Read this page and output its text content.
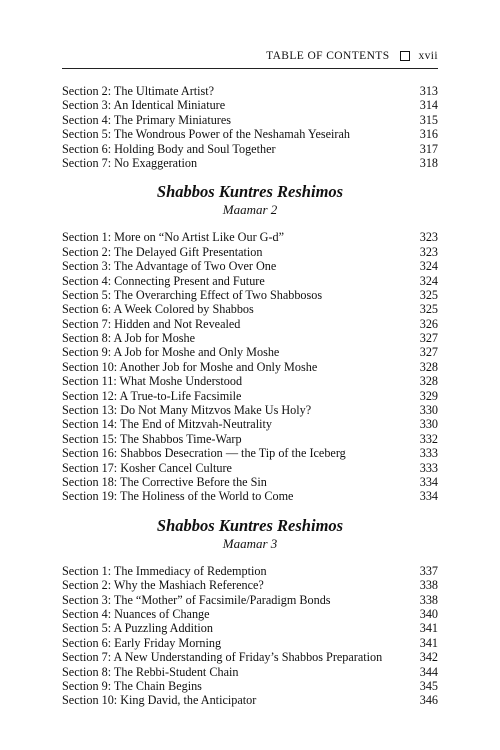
TABLE OF CONTENTS	xvii
Section 2: The Ultimate Artist?	313
Section 3: An Identical Miniature	314
Section 4: The Primary Miniatures	315
Section 5: The Wondrous Power of the Neshamah Yeseirah	316
Section 6: Holding Body and Soul Together	317
Section 7: No Exaggeration	318
Shabbos Kuntres Reshimos
Maamar 2
Section 1: More on “No Artist Like Our G-d”	323
Section 2: The Delayed Gift Presentation	323
Section 3: The Advantage of Two Over One	324
Section 4: Connecting Present and Future	324
Section 5: The Overarching Effect of Two Shabbosos	325
Section 6: A Week Colored by Shabbos	325
Section 7: Hidden and Not Revealed	326
Section 8: A Job for Moshe	327
Section 9: A Job for Moshe and Only Moshe	327
Section 10: Another Job for Moshe and Only Moshe	328
Section 11: What Moshe Understood	328
Section 12: A True-to-Life Facsimile	329
Section 13: Do Not Many Mitzvos Make Us Holy?	330
Section 14: The End of Mitzvah-Neutrality	330
Section 15: The Shabbos Time-Warp	332
Section 16: Shabbos Desecration — the Tip of the Iceberg	333
Section 17: Kosher Cancel Culture	333
Section 18: The Corrective Before the Sin	334
Section 19: The Holiness of the World to Come	334
Shabbos Kuntres Reshimos
Maamar 3
Section 1: The Immediacy of Redemption	337
Section 2: Why the Mashiach Reference?	338
Section 3: The “Mother” of Facsimile/Paradigm Bonds	338
Section 4: Nuances of Change	340
Section 5: A Puzzling Addition	341
Section 6: Early Friday Morning	341
Section 7: A New Understanding of Friday’s Shabbos Preparation	342
Section 8: The Rebbi-Student Chain	344
Section 9: The Chain Begins	345
Section 10: King David, the Anticipator	346
